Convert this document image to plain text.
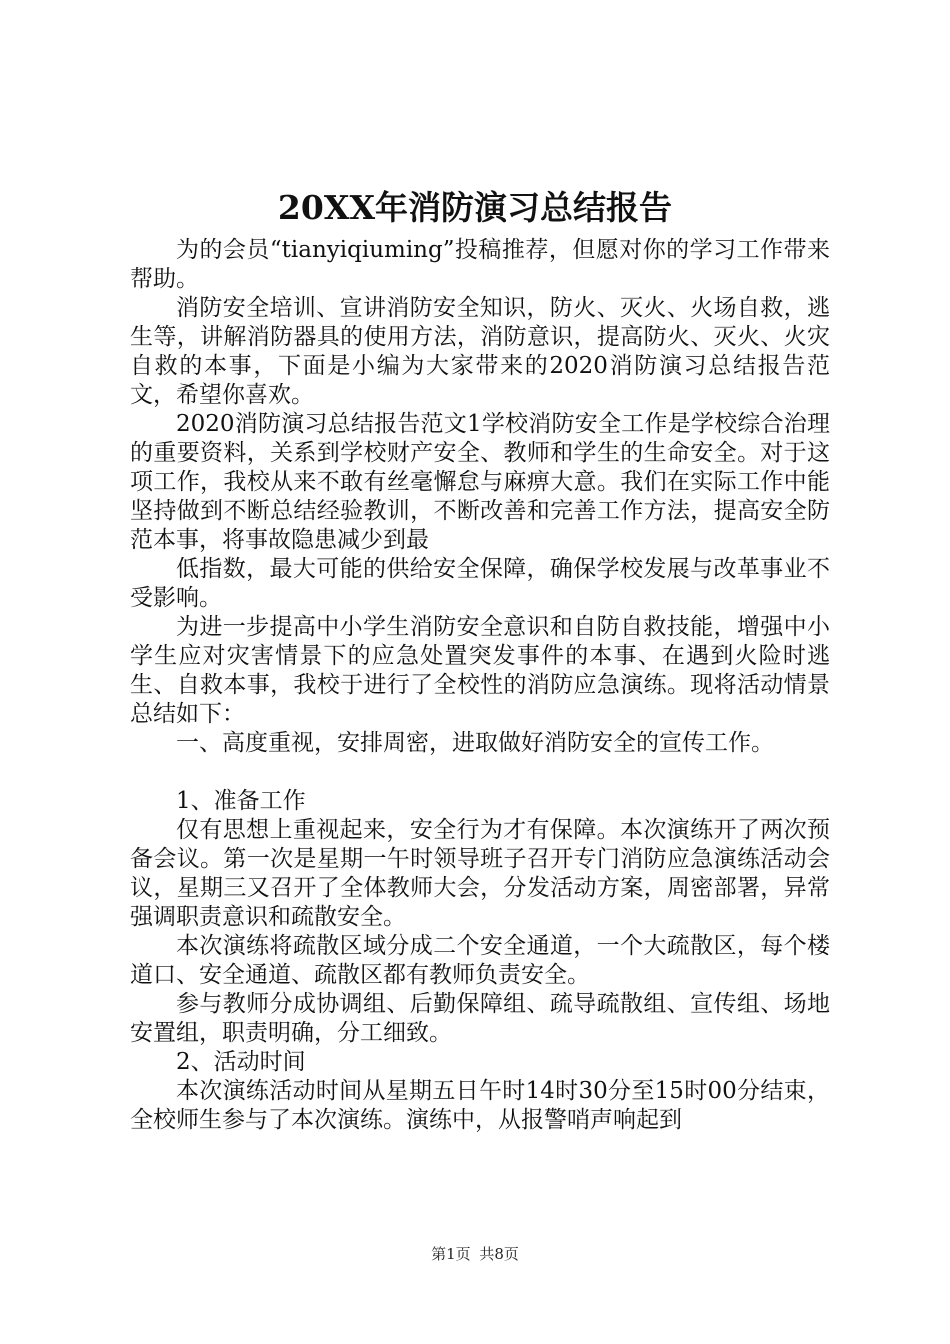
20XX年消防演习总结报告

为的会员“tianyiqiuming”投稿推荐，但愿对你的学习工作带来帮助。

消防安全培训、宣讲消防安全知识，防火、灭火、火场自救，逃生等，讲解消防器具的使用方法，消防意识，提高防火、灭火、火灾自救的本事，下面是小编为大家带来的2020消防演习总结报告范文，希望你喜欢。

2020消防演习总结报告范文1学校消防安全工作是学校综合治理的重要资料，关系到学校财产安全、教师和学生的生命安全。对于这项工作，我校从来不敢有丝毫懈怠与麻痹大意。我们在实际工作中能坚持做到不断总结经验教训，不断改善和完善工作方法，提高安全防范本事，将事故隐患减少到最

低指数，最大可能的供给安全保障，确保学校发展与改革事业不受影响。

为进一步提高中小学生消防安全意识和自防自救技能，增强中小学生应对灾害情景下的应急处置突发事件的本事、在遇到火险时逃生、自救本事，我校于进行了全校性的消防应急演练。现将活动情景总结如下：

一、高度重视，安排周密，进取做好消防安全的宣传工作。

1、准备工作

仅有思想上重视起来，安全行为才有保障。本次演练开了两次预备会议。第一次是星期一午时领导班子召开专门消防应急演练活动会议，星期三又召开了全体教师大会，分发活动方案，周密部署，异常强调职责意识和疏散安全。

本次演练将疏散区域分成二个安全通道，一个大疏散区，每个楼道口、安全通道、疏散区都有教师负责安全。

参与教师分成协调组、后勤保障组、疏导疏散组、宣传组、场地安置组，职责明确，分工细致。

2、活动时间

本次演练活动时间从星期五日午时14时30分至15时00分结束，全校师生参与了本次演练。演练中，从报警哨声响起到

第1页 共8页
